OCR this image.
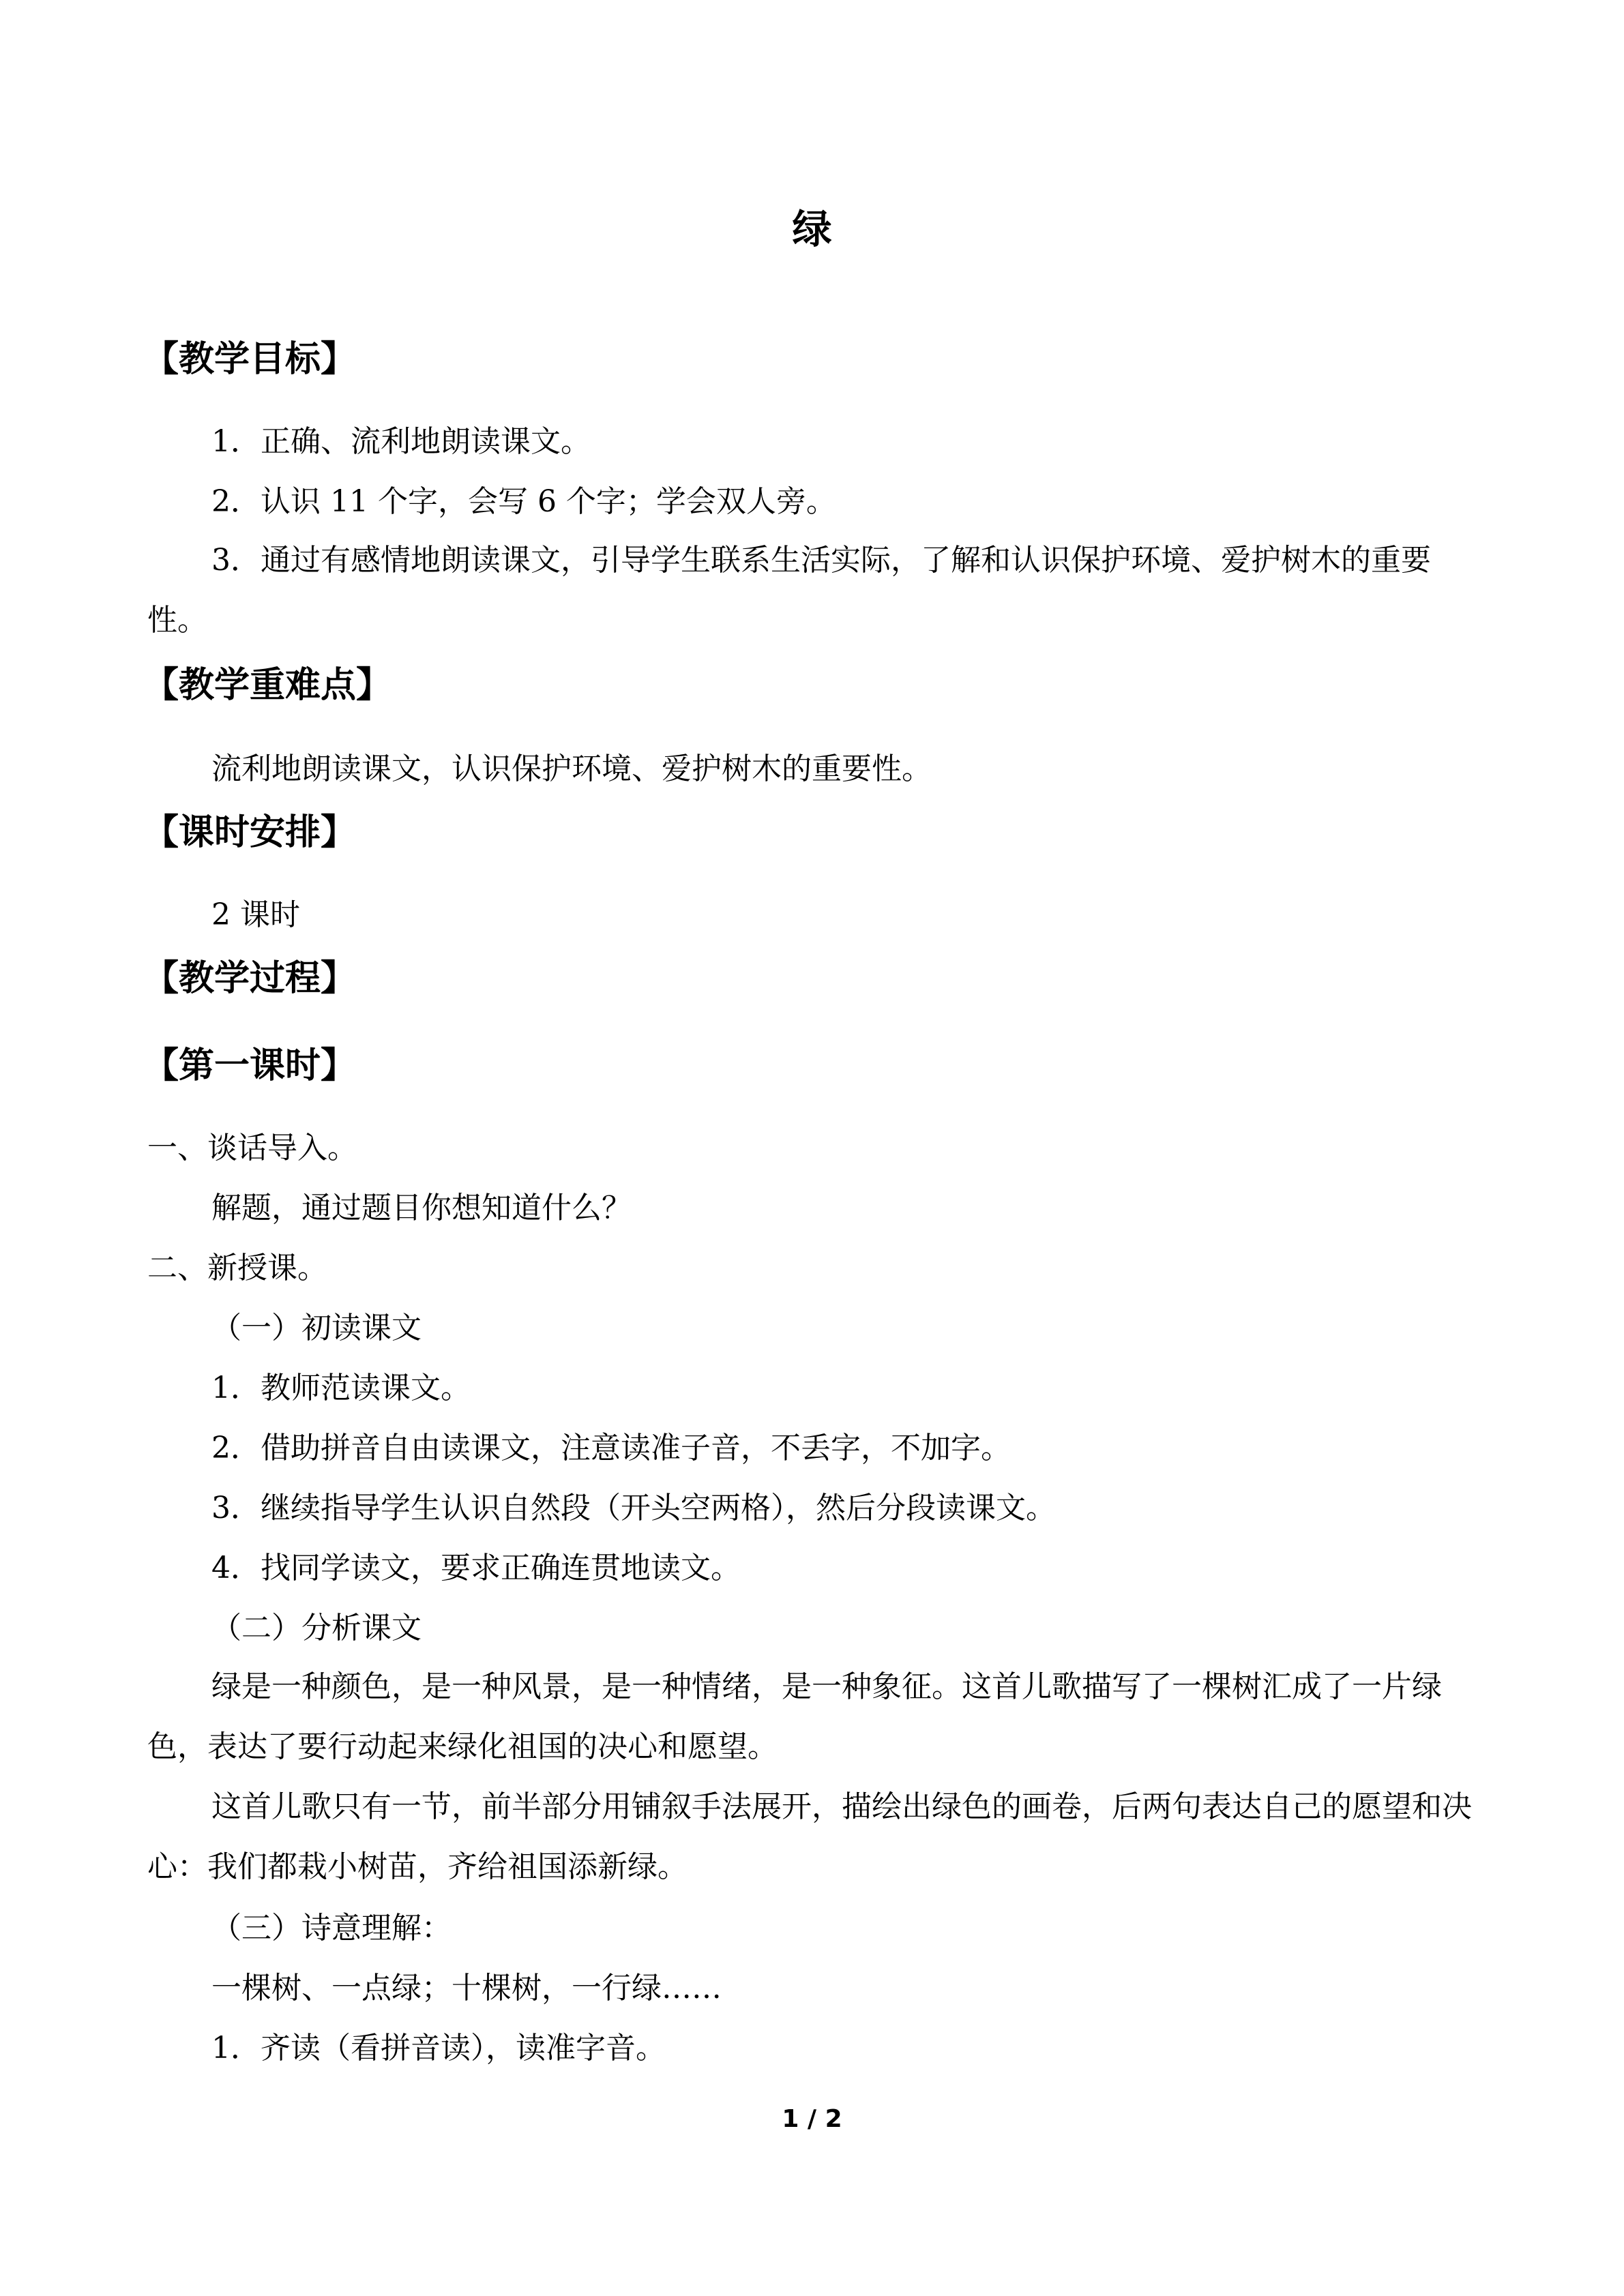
绿
【教学目标】
1．正确、流利地朗读课文。
2．认识 11 个字，会写 6 个字；学会双人旁。
3．通过有感情地朗读课文，引导学生联系生活实际，了解和认识保护环境、爱护树木的重要性。
【教学重难点】
流利地朗读课文，认识保护环境、爱护树木的重要性。
【课时安排】
2 课时
【教学过程】
【第一课时】
一、谈话导入。
解题，通过题目你想知道什么？
二、新授课。
（一）初读课文
1．教师范读课文。
2．借助拼音自由读课文，注意读准子音，不丢字，不加字。
3．继续指导学生认识自然段（开头空两格），然后分段读课文。
4．找同学读文，要求正确连贯地读文。
（二）分析课文
绿是一种颜色，是一种风景，是一种情绪，是一种象征。这首儿歌描写了一棵树汇成了一片绿色，表达了要行动起来绿化祖国的决心和愿望。
这首儿歌只有一节，前半部分用铺叙手法展开，描绘出绿色的画卷，后两句表达自己的愿望和决心：我们都栽小树苗，齐给祖国添新绿。
（三）诗意理解：
一棵树、一点绿；十棵树，一行绿……
1．齐读（看拼音读），读准字音。
1 / 2
